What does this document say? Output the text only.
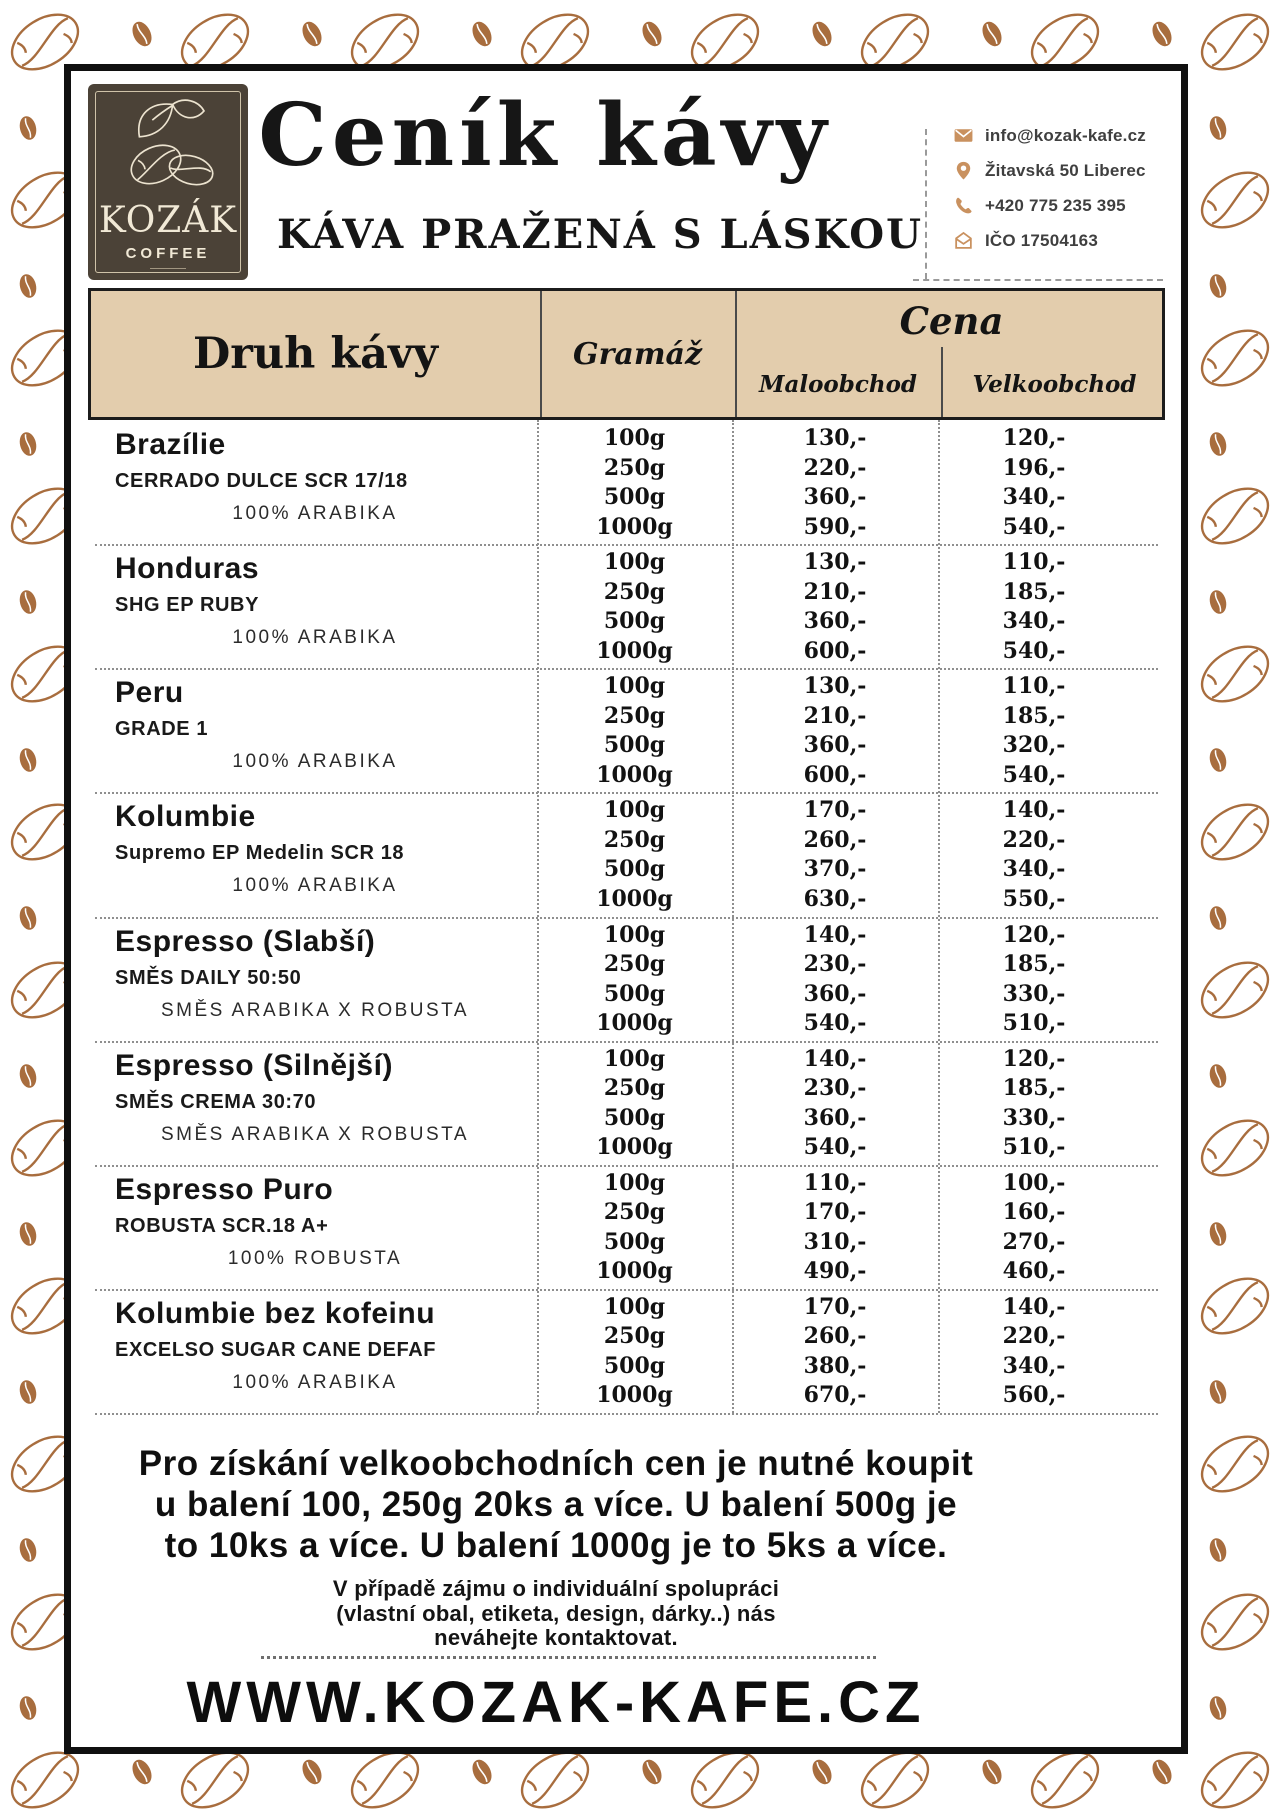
KOZÁK
COFFEE
Ceník kávy
KÁVA PRAŽENÁ S LÁSKOU
info@kozak-kafe.cz
Žitavská 50 Liberec
+420 775 235 395
IČO 17504163
Druh kávy	Gramáž
Cena
Maloobchod	Velkoobchod
Brazílie
CERRADO DULCE SCR 17/18
100% ARABIKA
100g
250g
500g
1000g
130,-
220,-
360,-
590,-
120,-
196,-
340,-
540,-
Honduras
SHG EP RUBY
100% ARABIKA
100g
250g
500g
1000g
130,-
210,-
360,-
600,-
110,-
185,-
340,-
540,-
Peru
GRADE 1
100% ARABIKA
100g
250g
500g
1000g
130,-
210,-
360,-
600,-
110,-
185,-
320,-
540,-
Kolumbie
Supremo EP Medelin SCR 18
100% ARABIKA
100g
250g
500g
1000g
170,-
260,-
370,-
630,-
140,-
220,-
340,-
550,-
Espresso (Slabší)
SMĚS DAILY 50:50
SMĚS ARABIKA X ROBUSTA
100g
250g
500g
1000g
140,-
230,-
360,-
540,-
120,-
185,-
330,-
510,-
Espresso (Silnější)
SMĚS CREMA 30:70
SMĚS ARABIKA X ROBUSTA
100g
250g
500g
1000g
140,-
230,-
360,-
540,-
120,-
185,-
330,-
510,-
Espresso Puro
ROBUSTA SCR.18 A+
100% ROBUSTA
100g
250g
500g
1000g
110,-
170,-
310,-
490,-
100,-
160,-
270,-
460,-
Kolumbie bez kofeinu
EXCELSO SUGAR CANE DEFAF
100% ARABIKA
100g
250g
500g
1000g
170,-
260,-
380,-
670,-
140,-
220,-
340,-
560,-
Pro získání velkoobchodních cen je nutné koupit
u balení 100, 250g 20ks a více. U balení 500g je
to 10ks a více. U balení 1000g je to 5ks a více.
V případě zájmu o individuální spolupráci
(vlastní obal, etiketa, design, dárky..) nás
neváhejte kontaktovat.
WWW.KOZAK-KAFE.CZ
